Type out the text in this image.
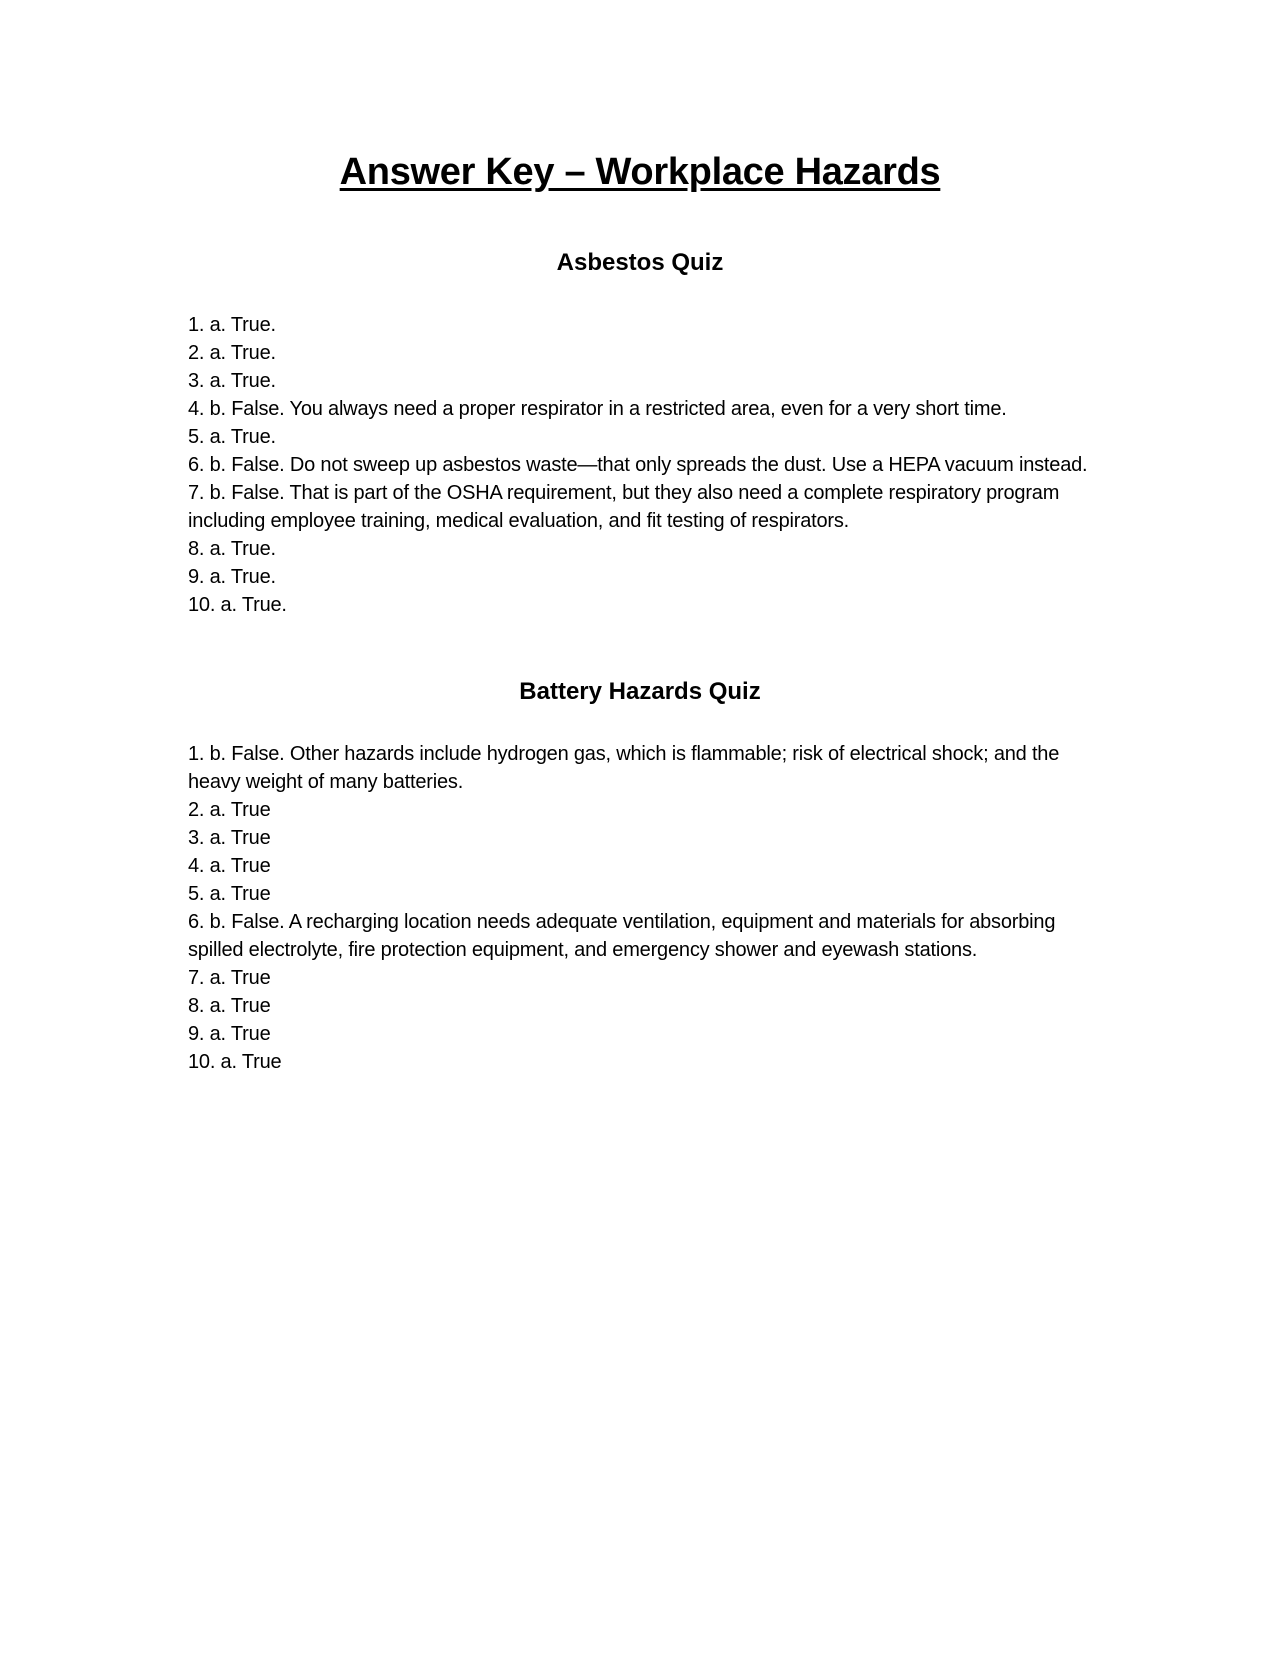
Answer Key – Workplace Hazards
Asbestos Quiz
1. a. True.
2. a. True.
3. a. True.
4. b. False. You always need a proper respirator in a restricted area, even for a very short time.
5. a. True.
6. b. False. Do not sweep up asbestos waste—that only spreads the dust. Use a HEPA vacuum instead.
7. b. False. That is part of the OSHA requirement, but they also need a complete respiratory program including employee training, medical evaluation, and fit testing of respirators.
8. a. True.
9. a. True.
10. a. True.
Battery Hazards Quiz
1. b. False. Other hazards include hydrogen gas, which is flammable; risk of electrical shock; and the heavy weight of many batteries.
2. a. True
3. a. True
4. a. True
5. a. True
6. b. False. A recharging location needs adequate ventilation, equipment and materials for absorbing spilled electrolyte, fire protection equipment, and emergency shower and eyewash stations.
7. a. True
8. a. True
9. a. True
10. a. True
